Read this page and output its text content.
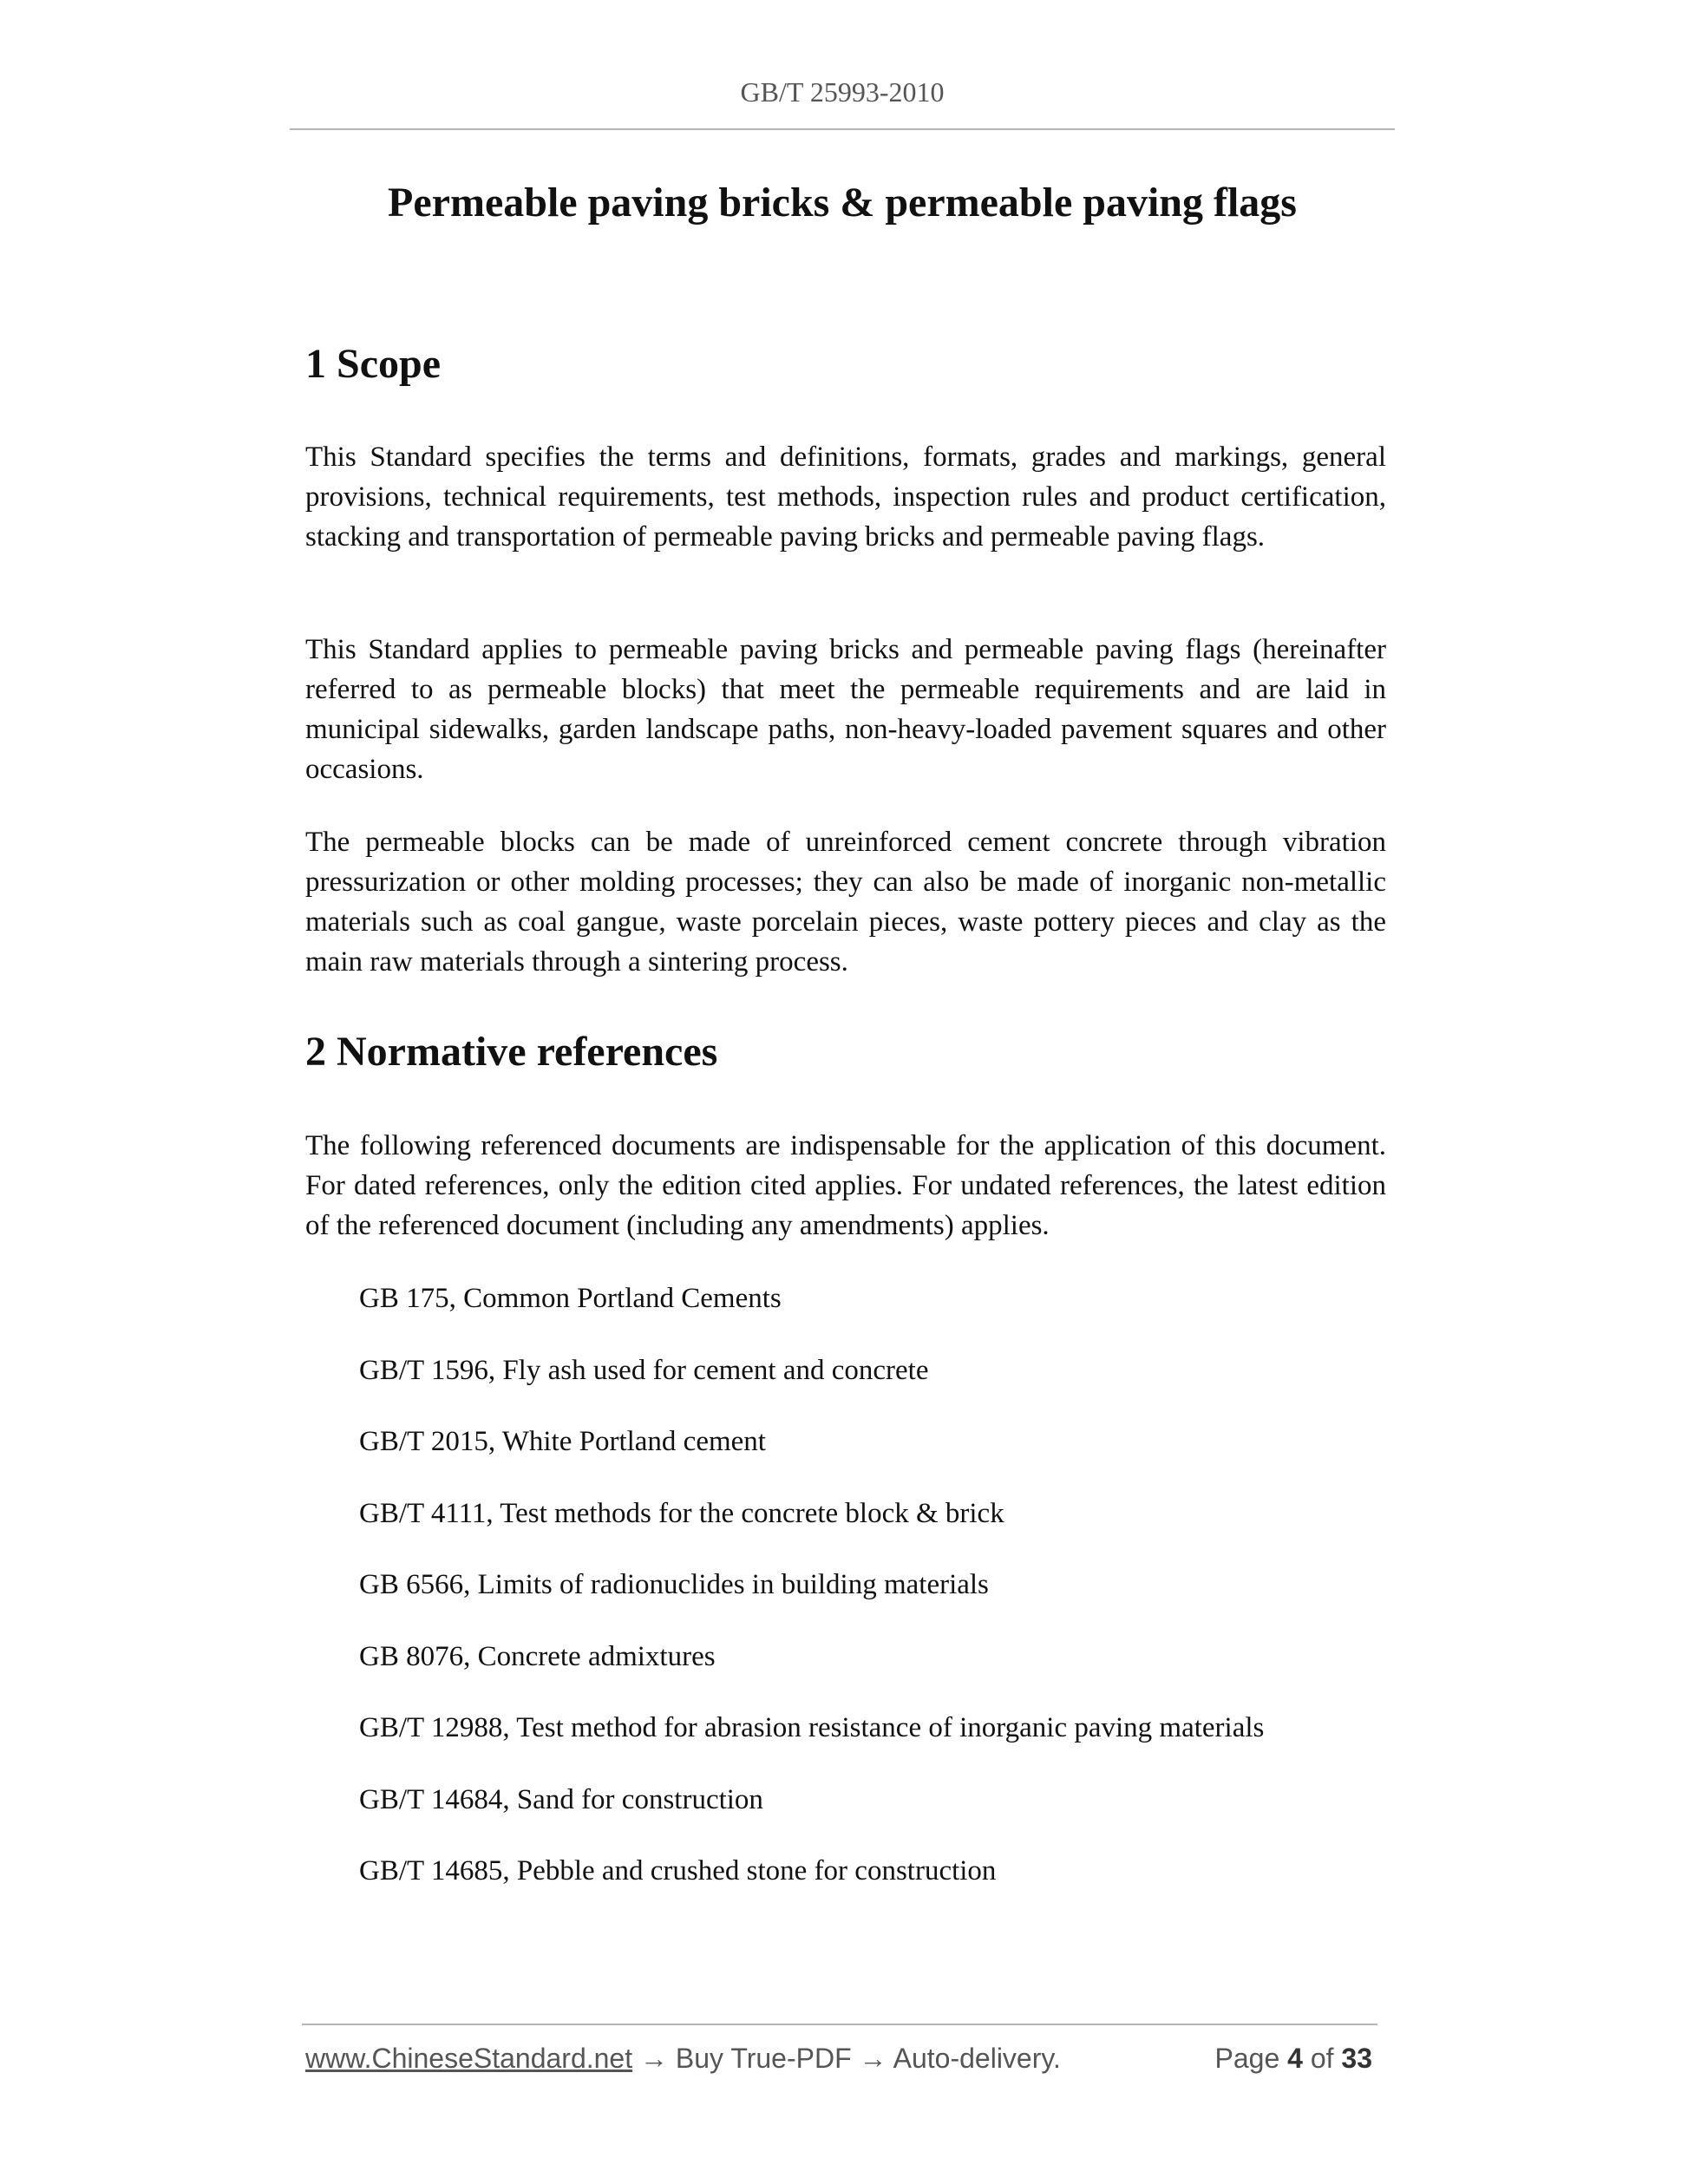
GB/T 25993-2010
Permeable paving bricks & permeable paving flags
1 Scope

This Standard specifies the terms and definitions, formats, grades and markings, general provisions, technical requirements, test methods, inspection rules and product certification, stacking and transportation of permeable paving bricks and permeable paving flags.

This Standard applies to permeable paving bricks and permeable paving flags (hereinafter referred to as permeable blocks) that meet the permeable requirements and are laid in municipal sidewalks, garden landscape paths, non-heavy-loaded pavement squares and other occasions.

The permeable blocks can be made of unreinforced cement concrete through vibration pressurization or other molding processes; they can also be made of inorganic non-metallic materials such as coal gangue, waste porcelain pieces, waste pottery pieces and clay as the main raw materials through a sintering process.

2 Normative references

The following referenced documents are indispensable for the application of this document. For dated references, only the edition cited applies. For undated references, the latest edition of the referenced document (including any amendments) applies.

GB 175, Common Portland Cements
GB/T 1596, Fly ash used for cement and concrete
GB/T 2015, White Portland cement
GB/T 4111, Test methods for the concrete block & brick
GB 6566, Limits of radionuclides in building materials
GB 8076, Concrete admixtures
GB/T 12988, Test method for abrasion resistance of inorganic paving materials
GB/T 14684, Sand for construction
GB/T 14685, Pebble and crushed stone for construction
www.ChineseStandard.net → Buy True-PDF → Auto-delivery.	Page 4 of 33
